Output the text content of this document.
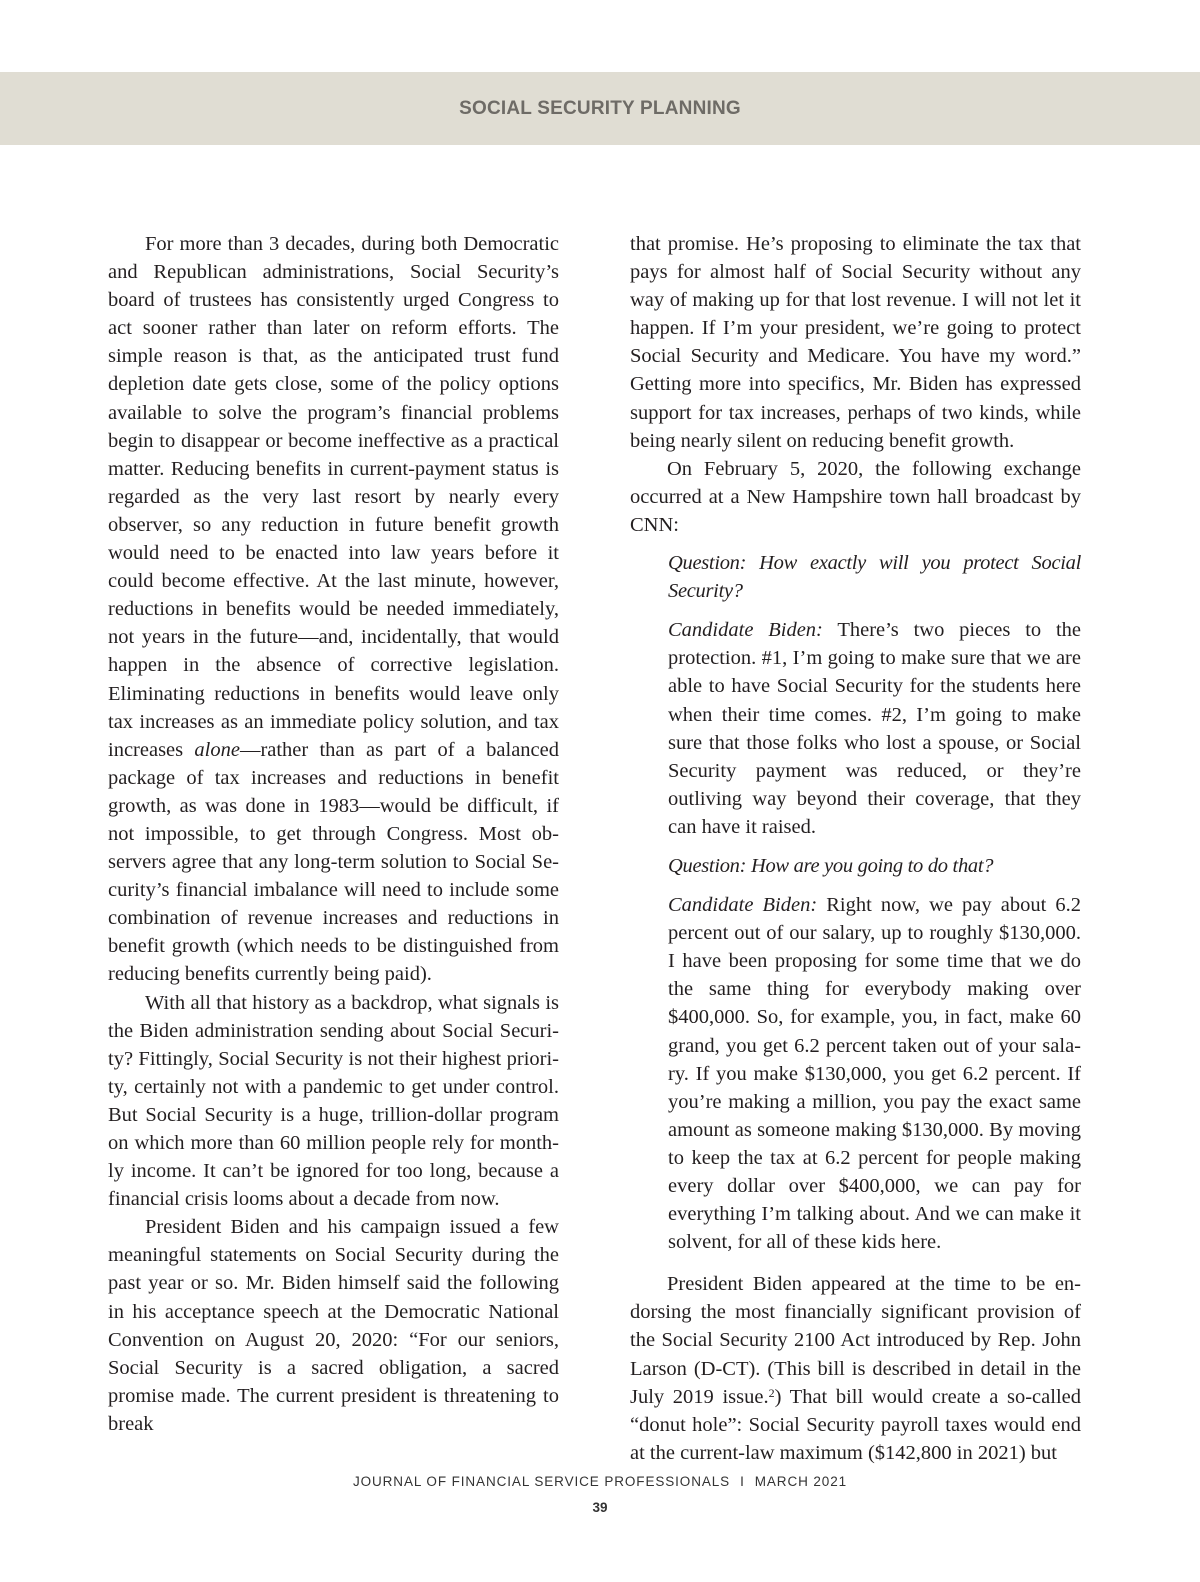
SOCIAL SECURITY PLANNING

For more than 3 decades, during both Democratic and Republican administrations, Social Security’s board of trustees has consistently urged Congress to act sooner rather than later on reform efforts. The simple reason is that, as the anticipated trust fund depletion date gets close, some of the policy options available to solve the program’s financial problems begin to disappear or become ineffective as a practical matter. Reducing benefits in current-payment status is regarded as the very last resort by nearly every observer, so any reduction in future benefit growth would need to be enacted into law years before it could become effective. At the last minute, however, reductions in benefits would be needed immediately, not years in the future—and, incidentally, that would happen in the absence of corrective legislation. Eliminating reductions in benefits would leave only tax increases as an immediate policy solution, and tax increases alone—rather than as part of a balanced package of tax increases and reductions in benefit growth, as was done in 1983—would be difficult, if not impossible, to get through Congress. Most observers agree that any long-term solution to Social Security’s financial imbalance will need to include some combination of revenue increases and reductions in benefit growth (which needs to be distinguished from reducing benefits currently being paid).

With all that history as a backdrop, what signals is the Biden administration sending about Social Security? Fittingly, Social Security is not their highest priority, certainly not with a pandemic to get under control. But Social Security is a huge, trillion-dollar program on which more than 60 million people rely for monthly income. It can’t be ignored for too long, because a financial crisis looms about a decade from now.

President Biden and his campaign issued a few meaningful statements on Social Security during the past year or so. Mr. Biden himself said the following in his acceptance speech at the Democratic National Convention on August 20, 2020: “For our seniors, Social Security is a sacred obligation, a sacred promise made. The current president is threatening to break

that promise. He’s proposing to eliminate the tax that pays for almost half of Social Security without any way of making up for that lost revenue. I will not let it happen. If I’m your president, we’re going to protect Social Security and Medicare. You have my word.” Getting more into specifics, Mr. Biden has expressed support for tax increases, perhaps of two kinds, while being nearly silent on reducing benefit growth.

On February 5, 2020, the following exchange occurred at a New Hampshire town hall broadcast by CNN:

Question: How exactly will you protect Social Security?

Candidate Biden: There’s two pieces to the protection. #1, I’m going to make sure that we are able to have Social Security for the students here when their time comes. #2, I’m going to make sure that those folks who lost a spouse, or Social Security payment was reduced, or they’re outliving way beyond their coverage, that they can have it raised.

Question: How are you going to do that?

Candidate Biden: Right now, we pay about 6.2 percent out of our salary, up to roughly $130,000. I have been proposing for some time that we do the same thing for everybody making over $400,000. So, for example, you, in fact, make 60 grand, you get 6.2 percent taken out of your salary. If you make $130,000, you get 6.2 percent. If you’re making a million, you pay the exact same amount as someone making $130,000. By moving to keep the tax at 6.2 percent for people making every dollar over $400,000, we can pay for everything I’m talking about. And we can make it solvent, for all of these kids here.

President Biden appeared at the time to be endorsing the most financially significant provision of the Social Security 2100 Act introduced by Rep. John Larson (D-CT). (This bill is described in detail in the July 2019 issue.$^2$) That bill would create a so-called “donut hole”: Social Security payroll taxes would end at the current-law maximum ($142,800 in 2021) but

JOURNAL OF FINANCIAL SERVICE PROFESSIONALS I MARCH 2021
39
